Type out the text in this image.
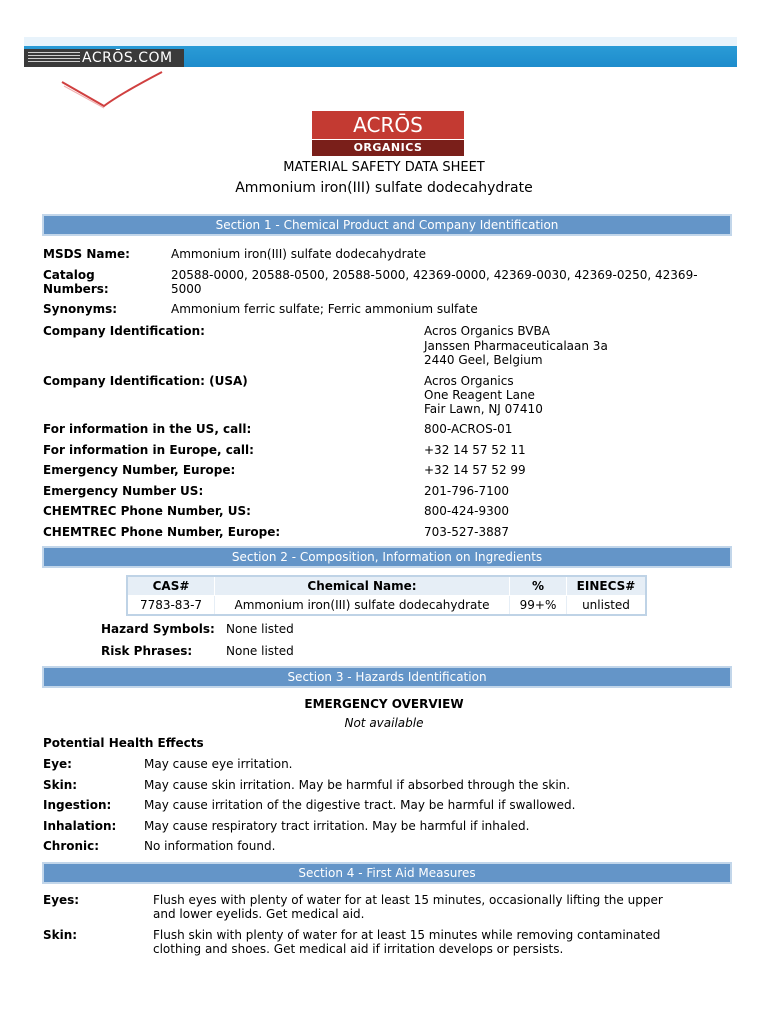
ACRŌS.COM
ACRŌS
ORGANICS
MATERIAL SAFETY DATA SHEET
Ammonium iron(III) sulfate dodecahydrate
Section 1 - Chemical Product and Company Identification
MSDS Name:	Ammonium iron(III) sulfate dodecahydrate
Catalog
Numbers:
20588-0000, 20588-0500, 20588-5000, 42369-0000, 42369-0030, 42369-0250, 42369-
5000
Synonyms:	Ammonium ferric sulfate; Ferric ammonium sulfate
Company Identification:	Acros Organics BVBA
Janssen Pharmaceuticalaan 3a
2440 Geel, Belgium
Company Identification: (USA)	Acros Organics
One Reagent Lane
Fair Lawn, NJ 07410
For information in the US, call:	800-ACROS-01
For information in Europe, call:	+32 14 57 52 11
Emergency Number, Europe:	+32 14 57 52 99
Emergency Number US:	201-796-7100
CHEMTREC Phone Number, US:	800-424-9300
CHEMTREC Phone Number, Europe:	703-527-3887
Section 2 - Composition, Information on Ingredients
CAS#	Chemical Name:	%	EINECS#
7783-83-7	Ammonium iron(III) sulfate dodecahydrate	99+%	unlisted
Hazard Symbols: None listed
Risk Phrases:	None listed
Section 3 - Hazards Identification
EMERGENCY OVERVIEW
Not available
Potential Health Effects
Eye:	May cause eye irritation.
Skin:	May cause skin irritation. May be harmful if absorbed through the skin.
Ingestion:	May cause irritation of the digestive tract. May be harmful if swallowed.
Inhalation: May cause respiratory tract irritation. May be harmful if inhaled.
Chronic:	No information found.
Section 4 - First Aid Measures
Eyes:	Flush eyes with plenty of water for at least 15 minutes, occasionally lifting the upper
and lower eyelids. Get medical aid.
Skin:	Flush skin with plenty of water for at least 15 minutes while removing contaminated
clothing and shoes. Get medical aid if irritation develops or persists.
